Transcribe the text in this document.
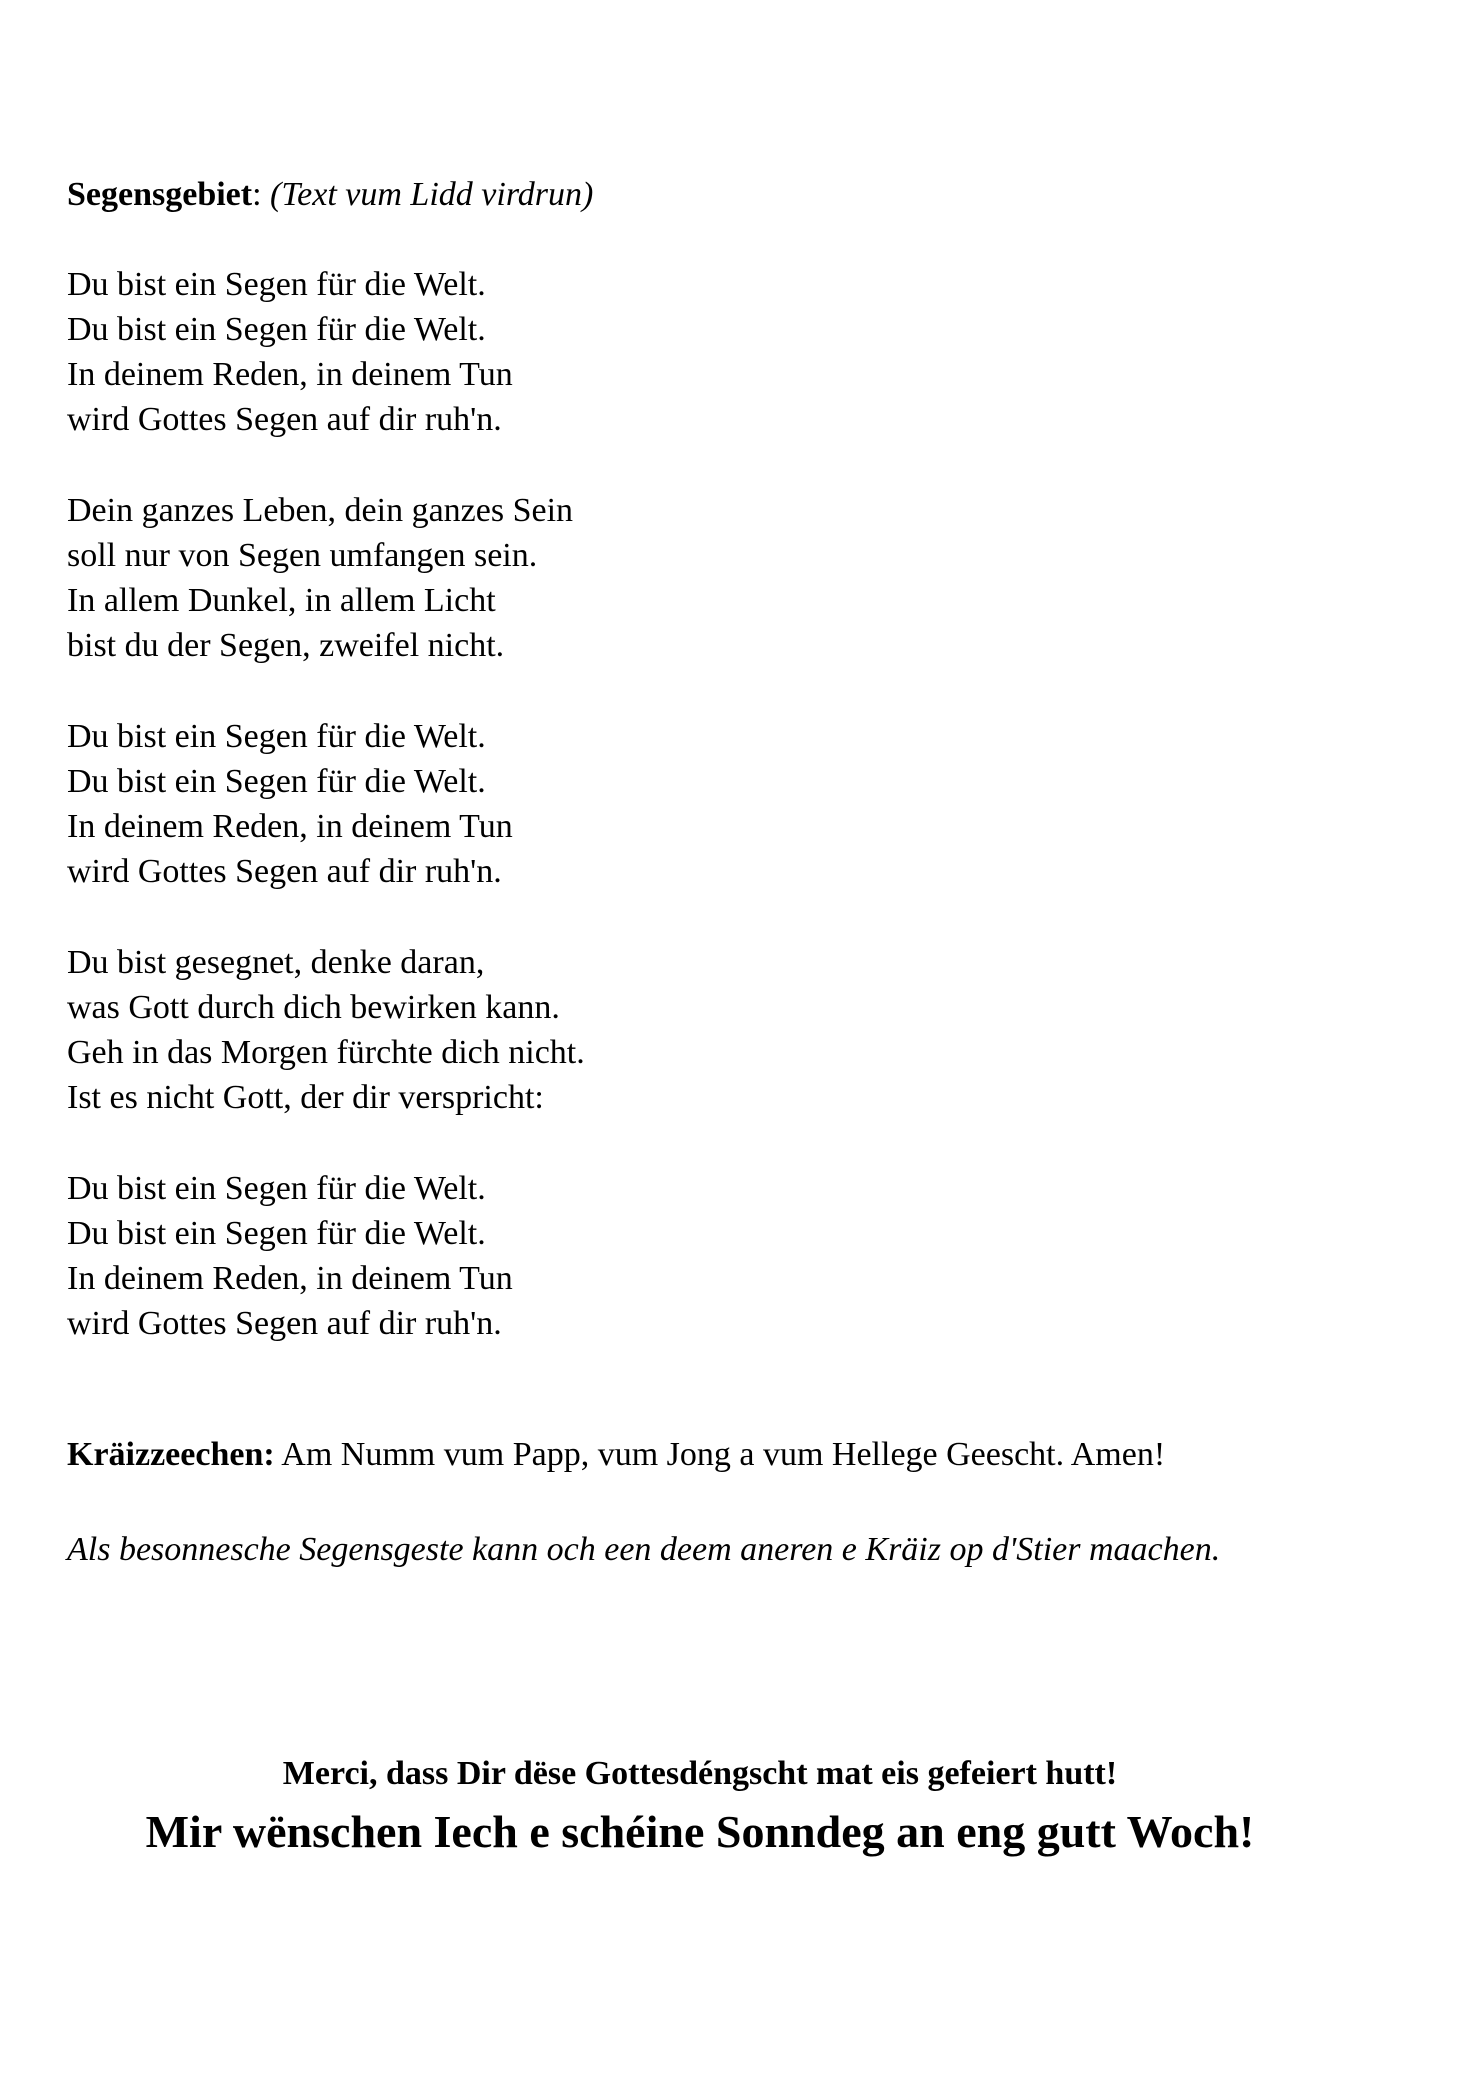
Segensgebiet: (Text vum Lidd virdrun)
Du bist ein Segen für die Welt.
Du bist ein Segen für die Welt.
In deinem Reden, in deinem Tun
wird Gottes Segen auf dir ruh'n.
Dein ganzes Leben, dein ganzes Sein
soll nur von Segen umfangen sein.
In allem Dunkel, in allem Licht
bist du der Segen, zweifel nicht.
Du bist ein Segen für die Welt.
Du bist ein Segen für die Welt.
In deinem Reden, in deinem Tun
wird Gottes Segen auf dir ruh'n.
Du bist gesegnet, denke daran,
was Gott durch dich bewirken kann.
Geh in das Morgen fürchte dich nicht.
Ist es nicht Gott, der dir verspricht:
Du bist ein Segen für die Welt.
Du bist ein Segen für die Welt.
In deinem Reden, in deinem Tun
wird Gottes Segen auf dir ruh'n.
Kräizzeechen: Am Numm vum Papp, vum Jong a vum Hellege Geescht. Amen!
Als besonnesche Segensgeste kann och een deem aneren e Kräiz op d'Stier maachen.
Merci, dass Dir dëse Gottesdéngscht mat eis gefeiert hutt!
Mir wënschen Iech e schéine Sonndeg an eng gutt Woch!
